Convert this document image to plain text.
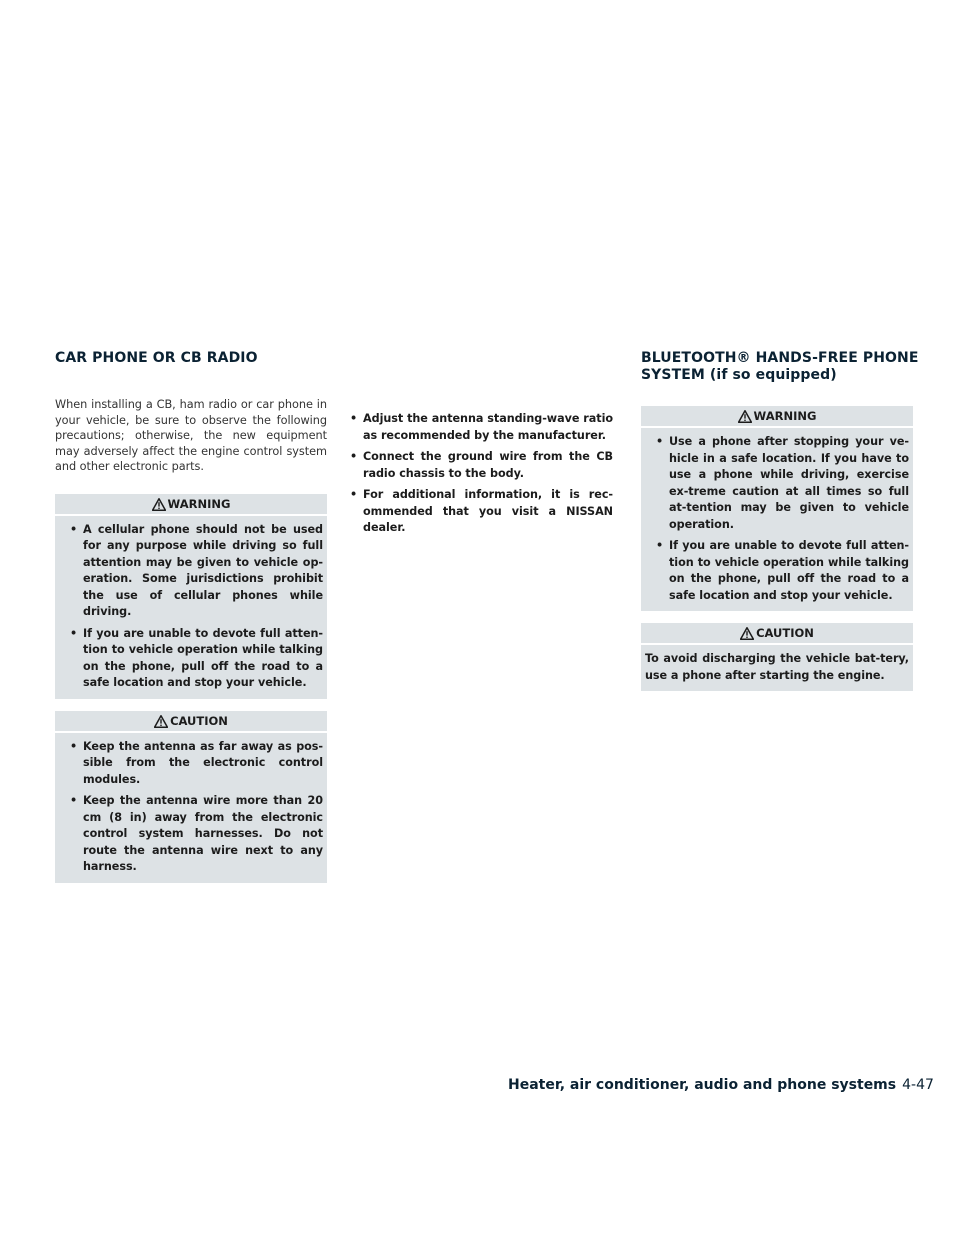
CAR PHONE OR CB RADIO

When installing a CB, ham radio or car phone in your vehicle, be sure to observe the following precautions; otherwise, the new equipment may adversely affect the engine control system and other electronic parts.

WARNING
• A cellular phone should not be used for any purpose while driving so full attention may be given to vehicle op-eration. Some jurisdictions prohibit the use of cellular phones while driving.
• If you are unable to devote full atten-tion to vehicle operation while talking on the phone, pull off the road to a safe location and stop your vehicle.
CAUTION
• Keep the antenna as far away as pos-sible from the electronic control modules.
• Keep the antenna wire more than 20 cm (8 in) away from the electronic control system harnesses. Do not route the antenna wire next to any harness.
• Adjust the antenna standing-wave ratio as recommended by the manufacturer.
• Connect the ground wire from the CB radio chassis to the body.
• For additional information, it is rec-ommended that you visit a NISSAN dealer.
BLUETOOTH® HANDS-FREE PHONE
SYSTEM (if so equipped)
WARNING
• Use a phone after stopping your ve-hicle in a safe location. If you have to use a phone while driving, exercise ex-treme caution at all times so full at-tention may be given to vehicle operation.
• If you are unable to devote full atten-tion to vehicle operation while talking on the phone, pull off the road to a safe location and stop your vehicle.
CAUTION
To avoid discharging the vehicle bat-tery, use a phone after starting the engine.
Heater, air conditioner, audio and phone systems 4-47
